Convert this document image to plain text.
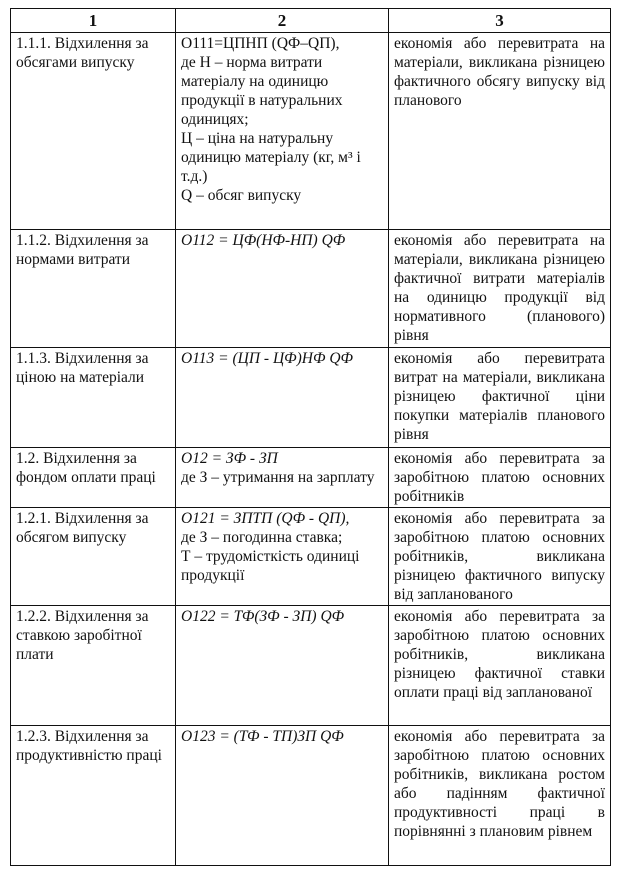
1	2	3
1.1.1. Відхилення за обсягами випуску	О111=ЦПНП (QФ–QП),
де Н – норма витрати матеріалу на одиницю продукції в натуральних одиницях;
Ц – ціна на натуральну одиницю матеріалу (кг, м³ і т.д.)
Q – обсяг випуску	економія або перевитрата на матеріали, викликана різницею фактичного обсягу випуску від планового
1.1.2. Відхилення за нормами витрати	О112 = ЦФ(НФ-НП) QФ	економія або перевитрата на матеріали, викликана різницею фактичної витрати матеріалів на одиницю продукції від нормативного (планового) рівня
1.1.3. Відхилення за ціною на матеріали	О113 = (ЦП - ЦФ)НФ QФ	економія або перевитрата витрат на матеріали, викликана різницею фактичної ціни покупки матеріалів планового рівня
1.2. Відхилення за фондом оплати праці	О12 = ЗФ - ЗП
де З – утримання на зарплату	економія або перевитрата за заробітною платою основних робітників
1.2.1. Відхилення за обсягом випуску	О121 = ЗПТП (QФ - QП),
де З – погодинна ставка;
Т – трудомісткість одиниці продукції	економія або перевитрата за заробітною платою основних робітників, викликана різницею фактичного випуску від запланованого
1.2.2. Відхилення за ставкою заробітної плати	О122 = ТФ(ЗФ - ЗП) QФ	економія або перевитрата за заробітною платою основних робітників, викликана різницею фактичної ставки оплати праці від запланованої
1.2.3. Відхилення за продуктивністю праці	О123 = (ТФ - ТП)ЗП QФ	економія або перевитрата за заробітною платою основних робітників, викликана ростом або падінням фактичної продуктивності праці в порівнянні з плановим рівнем
